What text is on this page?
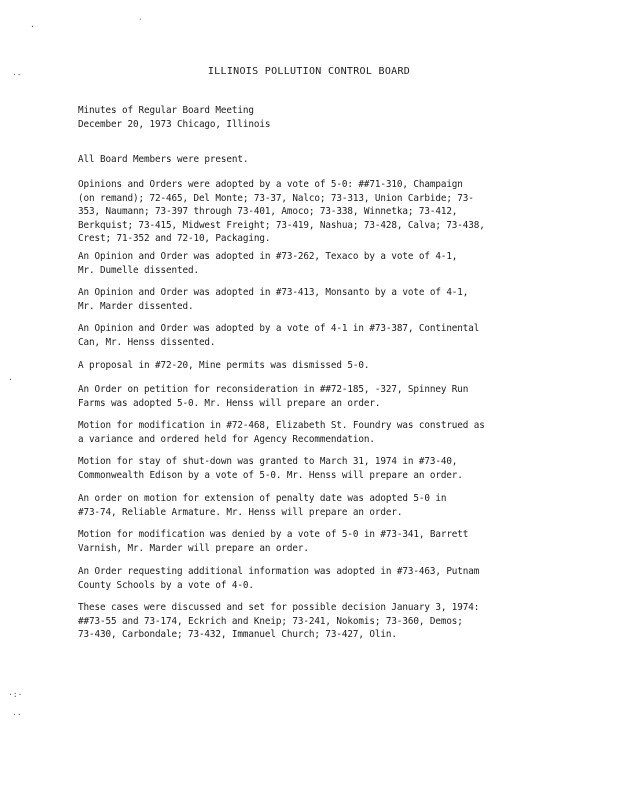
·	ˊ
·-
·
·:·
··
ILLINOIS POLLUTION CONTROL BOARD
Minutes of Regular Board Meeting
December 20, 1973 Chicago, Illinois
All Board Members were present.
Opinions and Orders were adopted by a vote of 5-0: ##71-310, Champaign
(on remand); 72-465, Del Monte; 73-37, Nalco; 73-313, Union Carbide; 73-
353, Naumann; 73-397 through 73-401, Amoco; 73-338, Winnetka; 73-412,
Berkquist; 73-415, Midwest Freight; 73-419, Nashua; 73-428, Calva; 73-438,
Crest; 71-352 and 72-10, Packaging.
An Opinion and Order was adopted in #73-262, Texaco by a vote of 4-1,
Mr. Dumelle dissented.
An Opinion and Order was adopted in #73-413, Monsanto by a vote of 4-1,
Mr. Marder dissented.
An Opinion and Order was adopted by a vote of 4-1 in #73-387, Continental
Can, Mr. Henss dissented.
A proposal in #72-20, Mine permits was dismissed 5-0.
An Order on petition for reconsideration in ##72-185, -327, Spinney Run
Farms was adopted 5-0. Mr. Henss will prepare an order.
Motion for modification in #72-468, Elizabeth St. Foundry was construed as
a variance and ordered held for Agency Recommendation.
Motion for stay of shut-down was granted to March 31, 1974 in #73-40,
Commonwealth Edison by a vote of 5-0. Mr. Henss will prepare an order.
An order on motion for extension of penalty date was adopted 5-0 in
#73-74, Reliable Armature. Mr. Henss will prepare an order.
Motion for modification was denied by a vote of 5-0 in #73-341, Barrett
Varnish, Mr. Marder will prepare an order.
An Order requesting additional information was adopted in #73-463, Putnam
County Schools by a vote of 4-0.
These cases were discussed and set for possible decision January 3, 1974:
##73-55 and 73-174, Eckrich and Kneip; 73-241, Nokomis; 73-360, Demos;
73-430, Carbondale; 73-432, Immanuel Church; 73-427, Olin.
